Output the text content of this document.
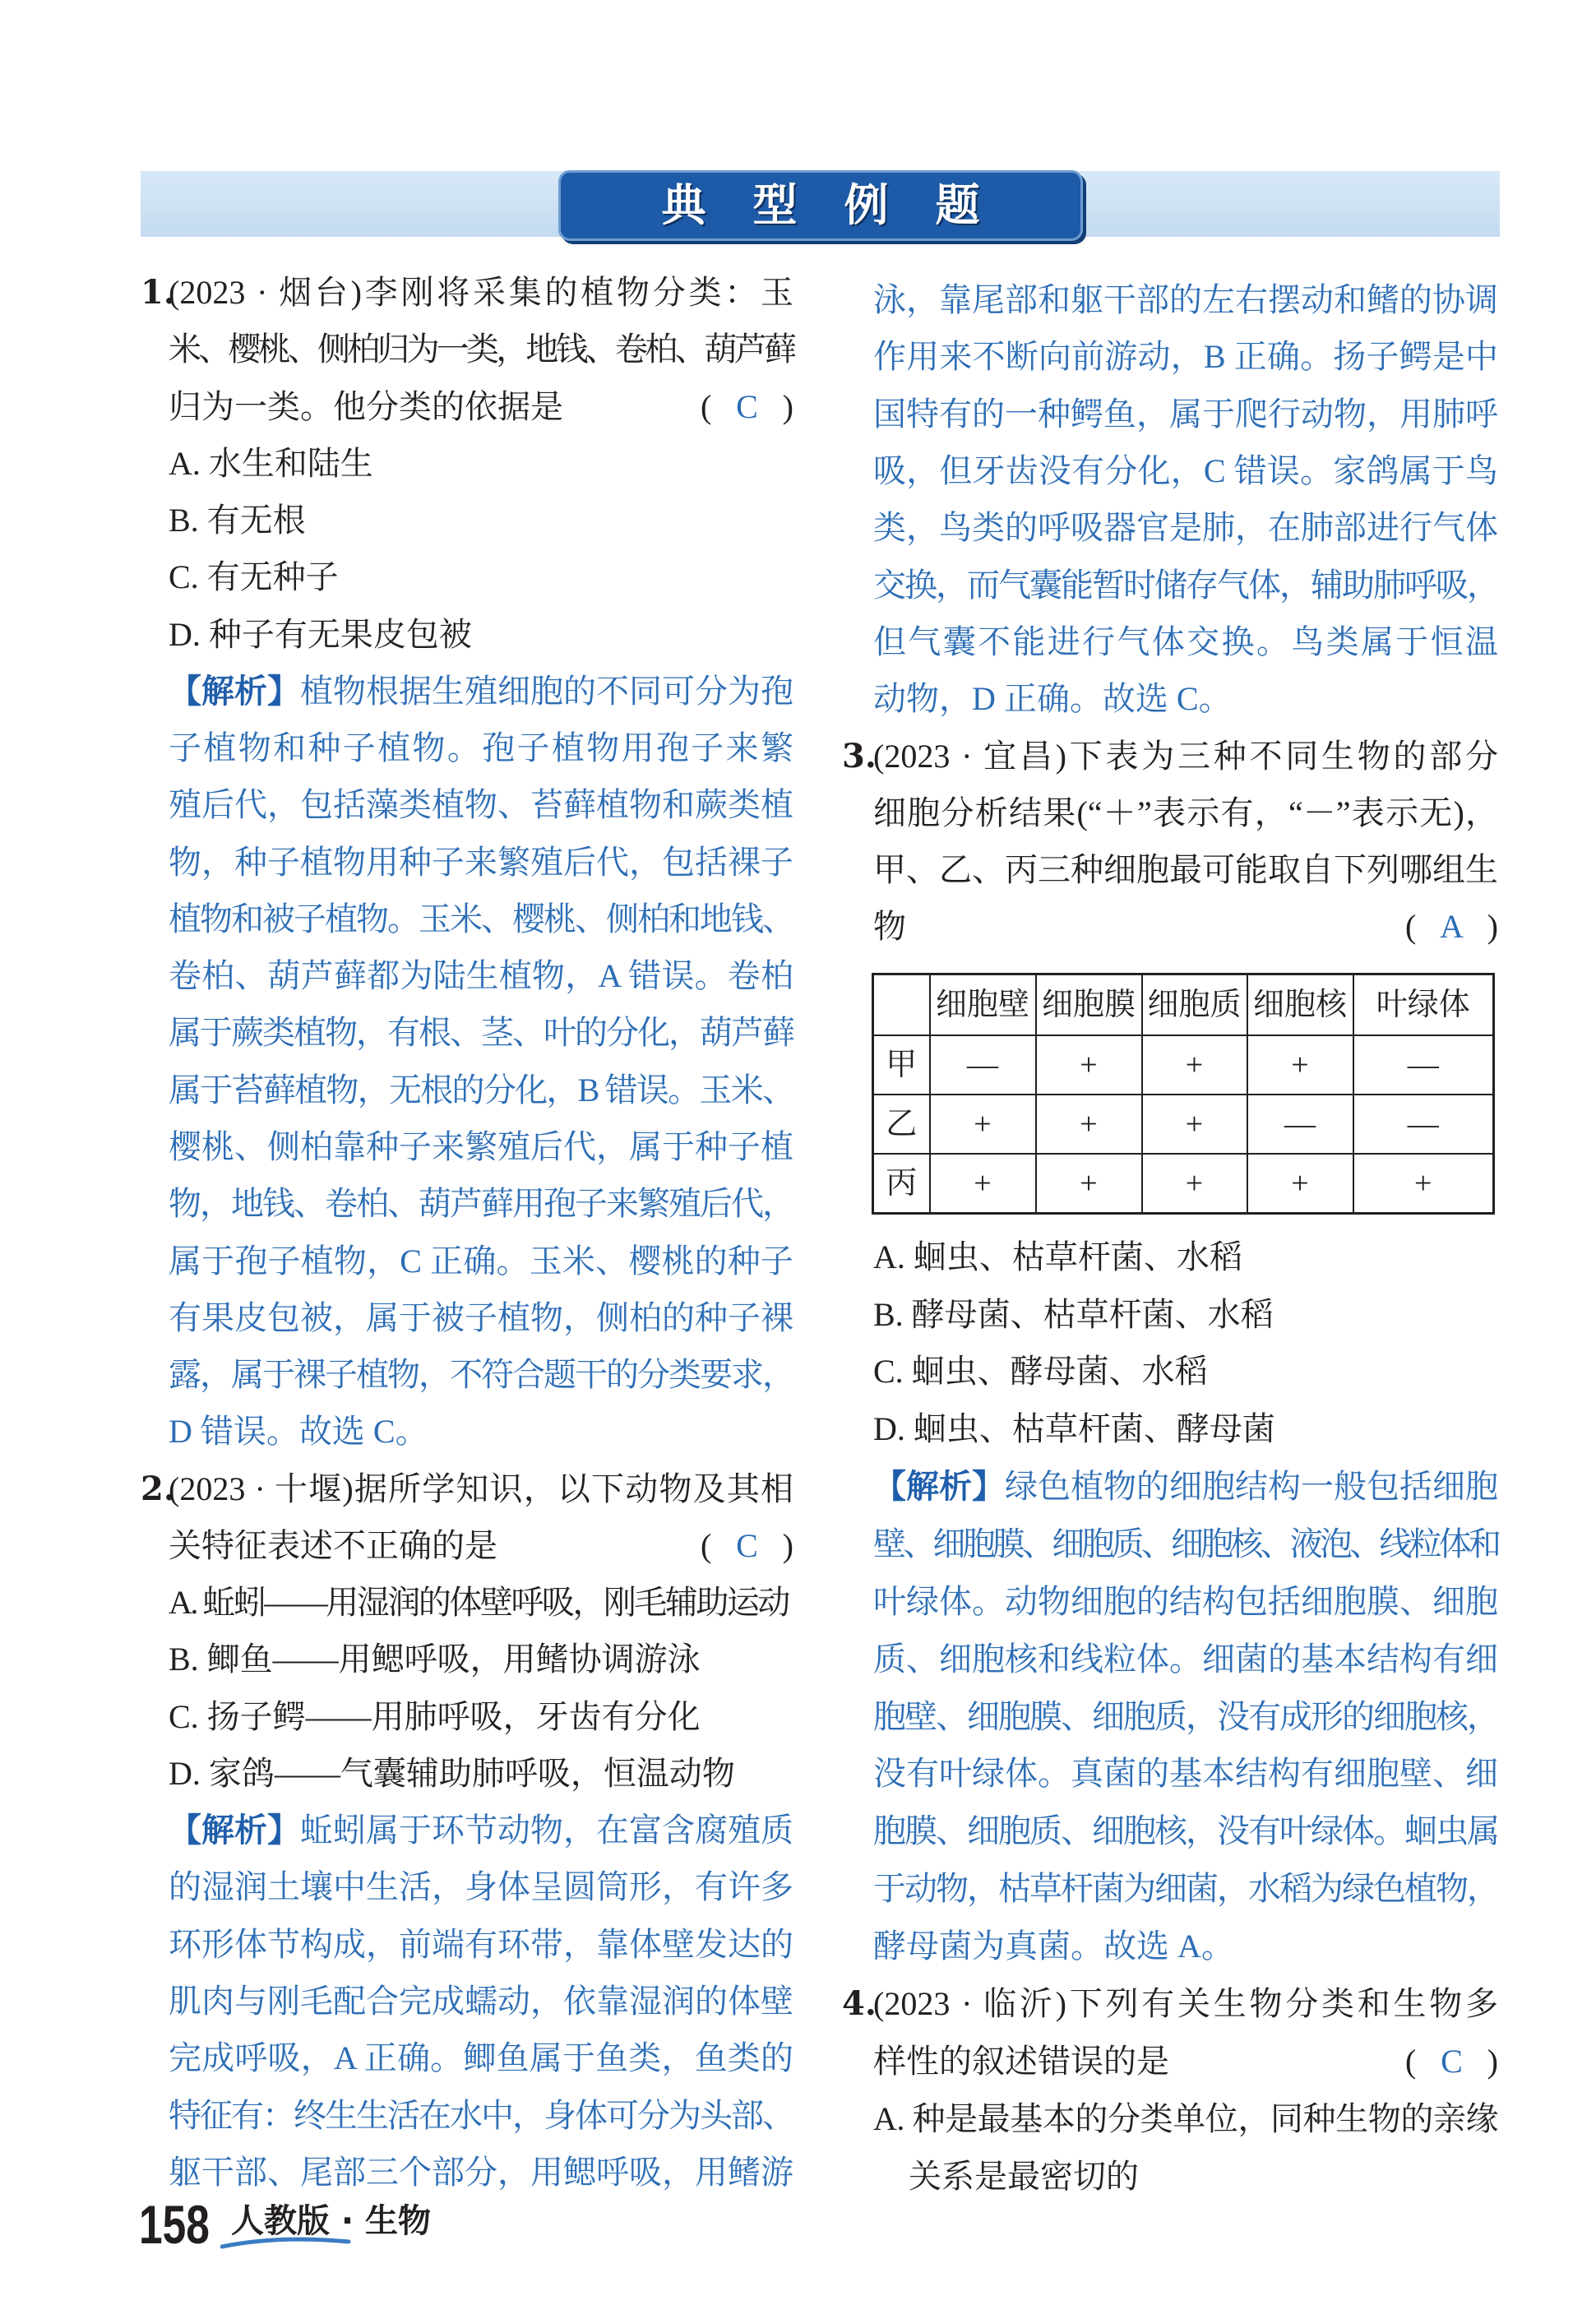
典型例题
1.
(2023 · 烟台)李刚将采集的植物分类：玉
米、樱桃、侧柏归为一类，地钱、卷柏、葫芦藓
归为一类。他分类的依据是	( C )
A. 水生和陆生
B. 有无根
C. 有无种子
D. 种子有无果皮包被
【解析】植物根据生殖细胞的不同可分为孢
子植物和种子植物。孢子植物用孢子来繁
殖后代，包括藻类植物、苔藓植物和蕨类植
物，种子植物用种子来繁殖后代，包括裸子
植物和被子植物。玉米、樱桃、侧柏和地钱、
卷柏、葫芦藓都为陆生植物，A 错误。卷柏
属于蕨类植物，有根、茎、叶的分化，葫芦藓
属于苔藓植物，无根的分化，B 错误。玉米、
樱桃、侧柏靠种子来繁殖后代，属于种子植
物，地钱、卷柏、葫芦藓用孢子来繁殖后代，
属于孢子植物，C 正确。玉米、樱桃的种子
有果皮包被，属于被子植物，侧柏的种子裸
露，属于裸子植物，不符合题干的分类要求，
D 错误。故选 C。
2.
(2023 · 十堰)据所学知识，以下动物及其相
关特征表述不正确的是	( C )
A. 蚯蚓——用湿润的体壁呼吸，刚毛辅助运动
B. 鲫鱼——用鳃呼吸，用鳍协调游泳
C. 扬子鳄——用肺呼吸，牙齿有分化
D. 家鸽——气囊辅助肺呼吸，恒温动物
【解析】蚯蚓属于环节动物，在富含腐殖质
的湿润土壤中生活，身体呈圆筒形，有许多
环形体节构成，前端有环带，靠体壁发达的
肌肉与刚毛配合完成蠕动，依靠湿润的体壁
完成呼吸，A 正确。鲫鱼属于鱼类，鱼类的
特征有：终生生活在水中，身体可分为头部、
躯干部、尾部三个部分，用鳃呼吸，用鳍游
泳，靠尾部和躯干部的左右摆动和鳍的协调
作用来不断向前游动，B 正确。扬子鳄是中
国特有的一种鳄鱼，属于爬行动物，用肺呼
吸，但牙齿没有分化，C 错误。家鸽属于鸟
类，鸟类的呼吸器官是肺，在肺部进行气体
交换，而气囊能暂时储存气体，辅助肺呼吸，
但气囊不能进行气体交换。鸟类属于恒温
动物，D 正确。故选 C。
3.
(2023 · 宜昌)下表为三种不同生物的部分
细胞分析结果(“＋”表示有，“－”表示无)，
甲、乙、丙三种细胞最可能取自下列哪组生
物	( A )
	细胞壁	细胞膜	细胞质	细胞核	叶绿体
甲	—	+	+	+	—
乙	+	+	+	—	—
丙	+	+	+	+	+
A. 蛔虫、枯草杆菌、水稻
B. 酵母菌、枯草杆菌、水稻
C. 蛔虫、酵母菌、水稻
D. 蛔虫、枯草杆菌、酵母菌
【解析】绿色植物的细胞结构一般包括细胞
壁、细胞膜、细胞质、细胞核、液泡、线粒体和
叶绿体。动物细胞的结构包括细胞膜、细胞
质、细胞核和线粒体。细菌的基本结构有细
胞壁、细胞膜、细胞质，没有成形的细胞核，
没有叶绿体。真菌的基本结构有细胞壁、细
胞膜、细胞质、细胞核，没有叶绿体。蛔虫属
于动物，枯草杆菌为细菌，水稻为绿色植物，
酵母菌为真菌。故选 A。
4.
(2023 · 临沂)下列有关生物分类和生物多
样性的叙述错误的是	( C )
A. 种是最基本的分类单位，同种生物的亲缘
关系是最密切的
158 人教版 · 生物
